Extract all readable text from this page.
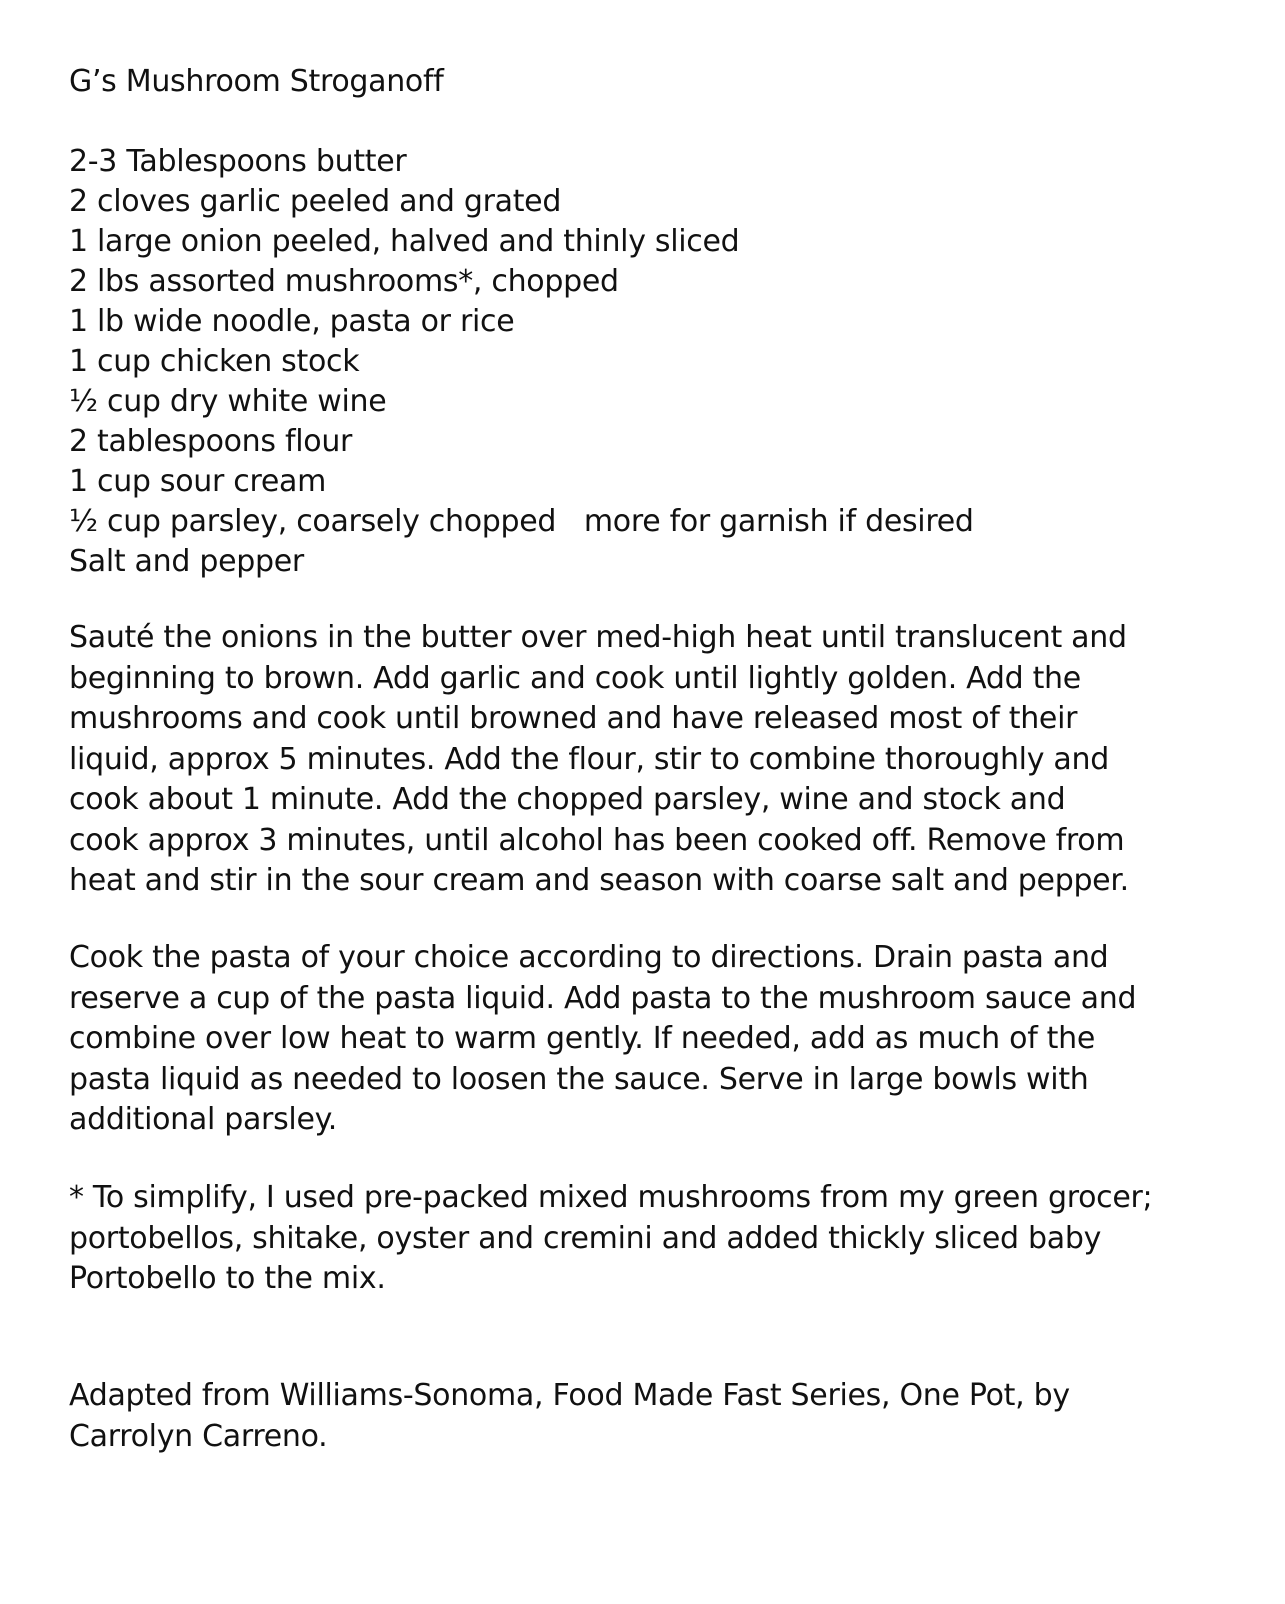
G’s Mushroom Stroganoff
2-3 Tablespoons butter
2 cloves garlic peeled and grated
1 large onion peeled, halved and thinly sliced
2 lbs assorted mushrooms*, chopped
1 lb wide noodle, pasta or rice
1 cup chicken stock
½ cup dry white wine
2 tablespoons flour
1 cup sour cream
½ cup parsley, coarsely chopped   more for garnish if desired
Salt and pepper

Sauté the onions in the butter over med-high heat until translucent and
beginning to brown. Add garlic and cook until lightly golden. Add the
mushrooms and cook until browned and have released most of their
liquid, approx 5 minutes. Add the flour, stir to combine thoroughly and
cook about 1 minute. Add the chopped parsley, wine and stock and
cook approx 3 minutes, until alcohol has been cooked off. Remove from
heat and stir in the sour cream and season with coarse salt and pepper.

Cook the pasta of your choice according to directions. Drain pasta and
reserve a cup of the pasta liquid. Add pasta to the mushroom sauce and
combine over low heat to warm gently. If needed, add as much of the
pasta liquid as needed to loosen the sauce. Serve in large bowls with
additional parsley.

* To simplify, I used pre-packed mixed mushrooms from my green grocer;
portobellos, shitake, oyster and cremini and added thickly sliced baby
Portobello to the mix.

Adapted from Williams-Sonoma, Food Made Fast Series, One Pot, by
Carrolyn Carreno.
